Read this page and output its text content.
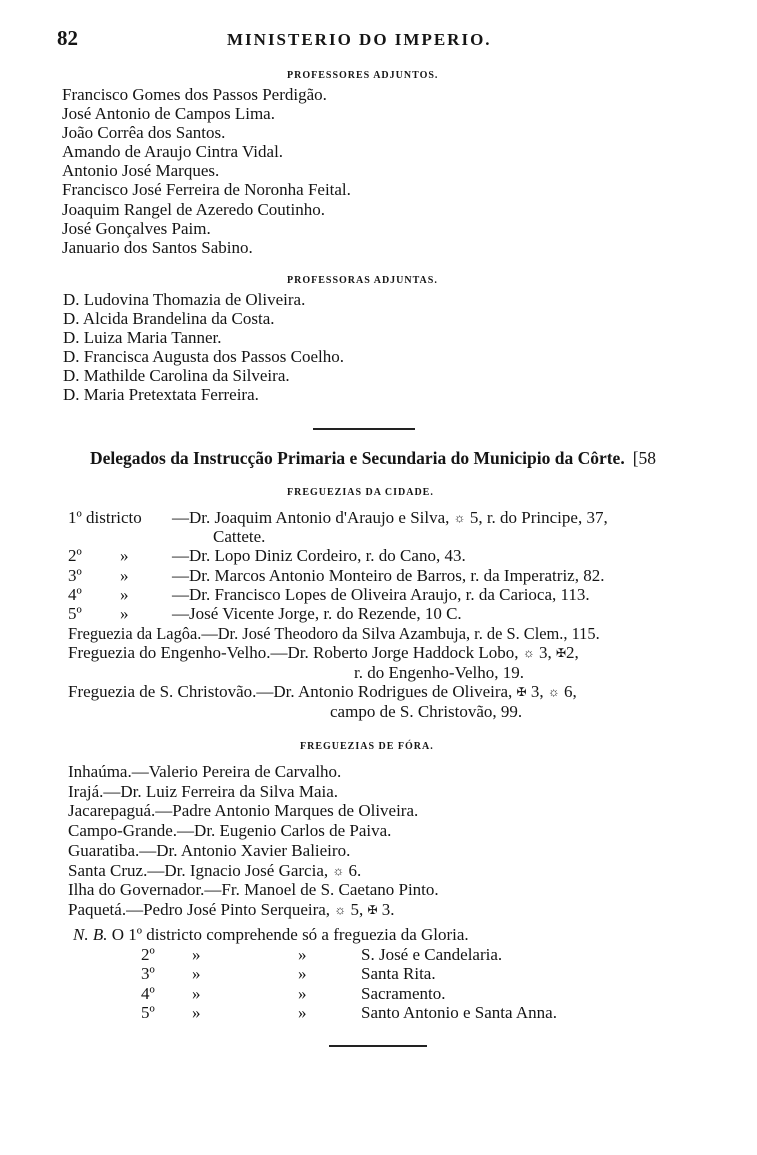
82	MINISTERIO DO IMPERIO.
PROFESSORES ADJUNTOS.
Francisco Gomes dos Passos Perdigão.
José Antonio de Campos Lima.
João Corrêa dos Santos.
Amando de Araujo Cintra Vidal.
Antonio José Marques.
Francisco José Ferreira de Noronha Feital.
Joaquim Rangel de Azeredo Coutinho.
José Gonçalves Paim.
Januario dos Santos Sabino.
PROFESSORAS ADJUNTAS.
D. Ludovina Thomazia de Oliveira.
D. Alcida Brandelina da Costa.
D. Luiza Maria Tanner.
D. Francisca Augusta dos Passos Coelho.
D. Mathilde Carolina da Silveira.
D. Maria Pretextata Ferreira.
Delegados da Instrucção Primaria e Secundaria do Municipio da Côrte. [58
FREGUEZIAS DA CIDADE.
1º districto —Dr. Joaquim Antonio d'Araujo e Silva, ☼ 5, r. do Principe, 37,
Cattete.
2º »	—Dr. Lopo Diniz Cordeiro, r. do Cano, 43.
3º »	—Dr. Marcos Antonio Monteiro de Barros, r. da Imperatriz, 82.
4º »	—Dr. Francisco Lopes de Oliveira Araujo, r. da Carioca, 113.
5º »	—José Vicente Jorge, r. do Rezende, 10 C.
Freguezia da Lagôa.—Dr. José Theodoro da Silva Azambuja, r. de S. Clem., 115.
Freguezia do Engenho-Velho.—Dr. Roberto Jorge Haddock Lobo, ☼ 3, ✠2,
r. do Engenho-Velho, 19.
Freguezia de S. Christovão.—Dr. Antonio Rodrigues de Oliveira, ✠ 3, ☼ 6,
campo de S. Christovão, 99.
FREGUEZIAS DE FÓRA.
Inhaúma.—Valerio Pereira de Carvalho.
Irajá.—Dr. Luiz Ferreira da Silva Maia.
Jacarepaguá.—Padre Antonio Marques de Oliveira.
Campo-Grande.—Dr. Eugenio Carlos de Paiva.
Guaratiba.—Dr. Antonio Xavier Balieiro.
Santa Cruz.—Dr. Ignacio José Garcia, ☼ 6.
Ilha do Governador.—Fr. Manoel de S. Caetano Pinto.
Paquetá.—Pedro José Pinto Serqueira, ☼ 5, ✠ 3.
N. B. O 1º districto comprehende só a freguezia da Gloria.
2º »	»	S. José e Candelaria.
3º »	»	Santa Rita.
4º »	»	Sacramento.
5º »	»	Santo Antonio e Santa Anna.
